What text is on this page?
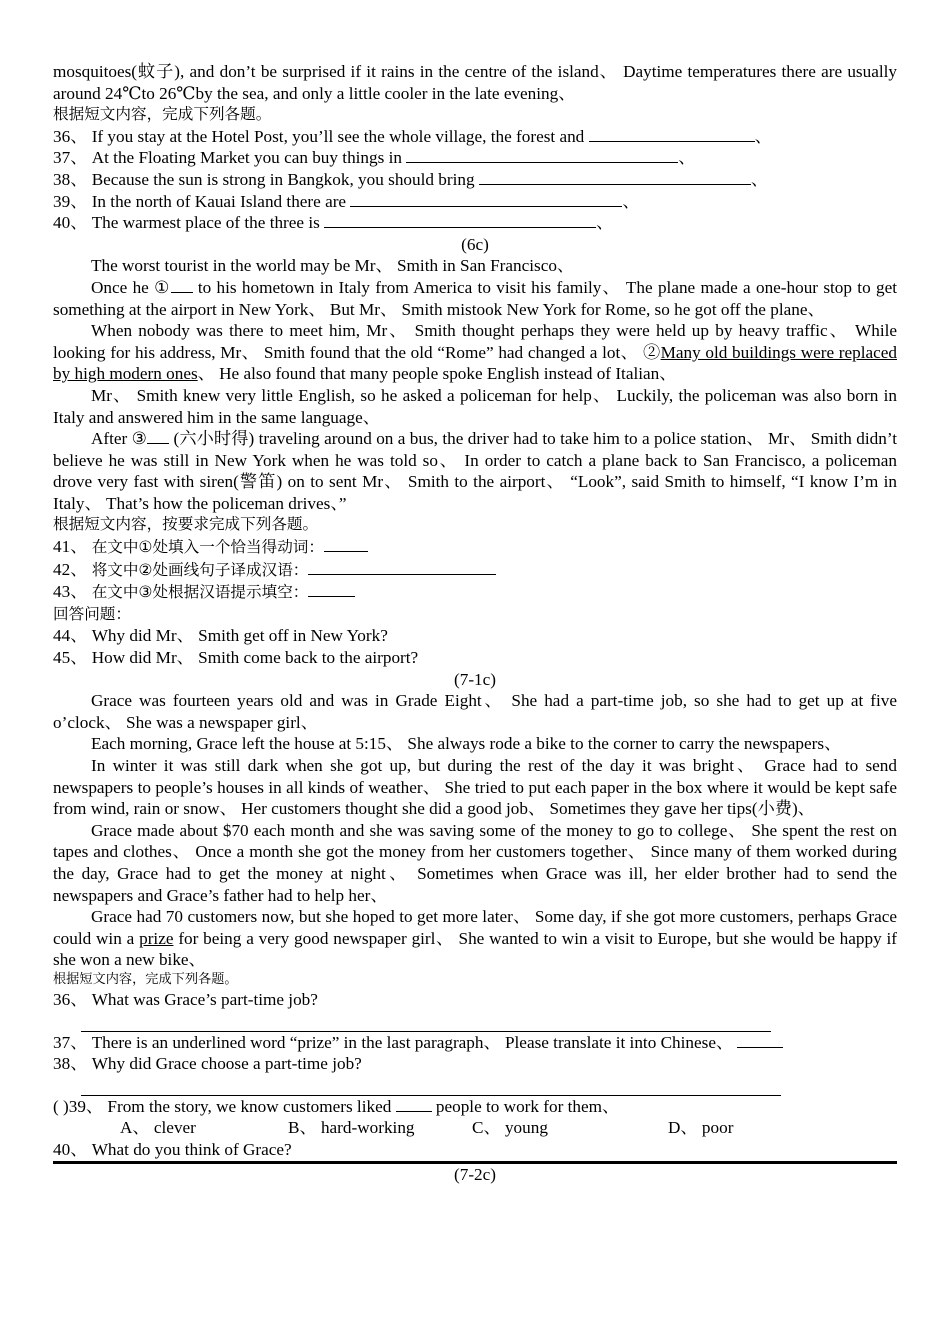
mosquitoes(蚊子), and don’t be surprised if it rains in the centre of the island、 Daytime temperatures there are usually around 24℃to 26℃by the sea, and only a little cooler in the late evening、

根据短文内容，完成下列各题。

36、 If you stay at the Hotel Post, you’ll see the whole village, the forest and	、

37、 At the Floating Market you can buy things in	、

38、 Because the sun is strong in Bangkok, you should bring	、

39、 In the north of Kauai Island there are	、

40、 The warmest place of the three is	、

(6c)

The worst tourist in the world may be Mr、 Smith in San Francisco、

Once he ① to his hometown in Italy from America to visit his family、 The plane made a one-hour stop to get something at the airport in New York、 But Mr、 Smith mistook New York for Rome, so he got off the plane、

When nobody was there to meet him, Mr、 Smith thought perhaps they were held up by heavy traffic、 While looking for his address, Mr、 Smith found that the old “Rome” had changed a lot、 ②Many old buildings were replaced by high modern ones、 He also found that many people spoke English instead of Italian、

Mr、 Smith knew very little English, so he asked a policeman for help、 Luckily, the policeman was also born in Italy and answered him in the same language、

After ③ (六小时得) traveling around on a bus, the driver had to take him to a police station、 Mr、 Smith didn’t believe he was still in New York when he was told so、 In order to catch a plane back to San Francisco, a policeman drove very fast with siren(警笛) on to sent Mr、 Smith to the airport、 “Look”, said Smith to himself, “I know I’m in Italy、 That’s how the policeman drives、”

根据短文内容，按要求完成下列各题。

41、 在文中①处填入一个恰当得动词：

42、 将文中②处画线句子译成汉语：

43、 在文中③处根据汉语提示填空：

回答问题：

44、 Why did Mr、 Smith get off in New York?

45、 How did Mr、 Smith come back to the airport?

(7-1c)

Grace was fourteen years old and was in Grade Eight、 She had a part-time job, so she had to get up at five o’clock、 She was a newspaper girl、

Each morning, Grace left the house at 5:15、 She always rode a bike to the corner to carry the newspapers、

In winter it was still dark when she got up, but during the rest of the day it was bright、 Grace had to send newspapers to people’s houses in all kinds of weather、 She tried to put each paper in the box where it would be kept safe from wind, rain or snow、 Her customers thought she did a good job、 Sometimes they gave her tips(小费)、

Grace made about $70 each month and she was saving some of the money to go to college、 She spent the rest on tapes and clothes、 Once a month she got the money from her customers together、 Since many of them worked during the day, Grace had to get the money at night、 Sometimes when Grace was ill, her elder brother had to send the newspapers and Grace’s father had to help her、

Grace had 70 customers now, but she hoped to get more later、 Some day, if she got more customers, perhaps Grace could win a prize for being a very good newspaper girl、 She wanted to win a visit to Europe, but she would be happy if she won a new bike、

根据短文内容，完成下列各题。

36、 What was Grace’s part-time job?

37、 There is an underlined word “prize” in the last paragraph、 Please translate it into Chinese、

38、 Why did Grace choose a part-time job?

( )39、 From the story, we know customers liked	people to work for them、

A、 clever	B、 hard-working	C、 young	D、 poor

40、 What do you think of Grace?

(7-2c)
